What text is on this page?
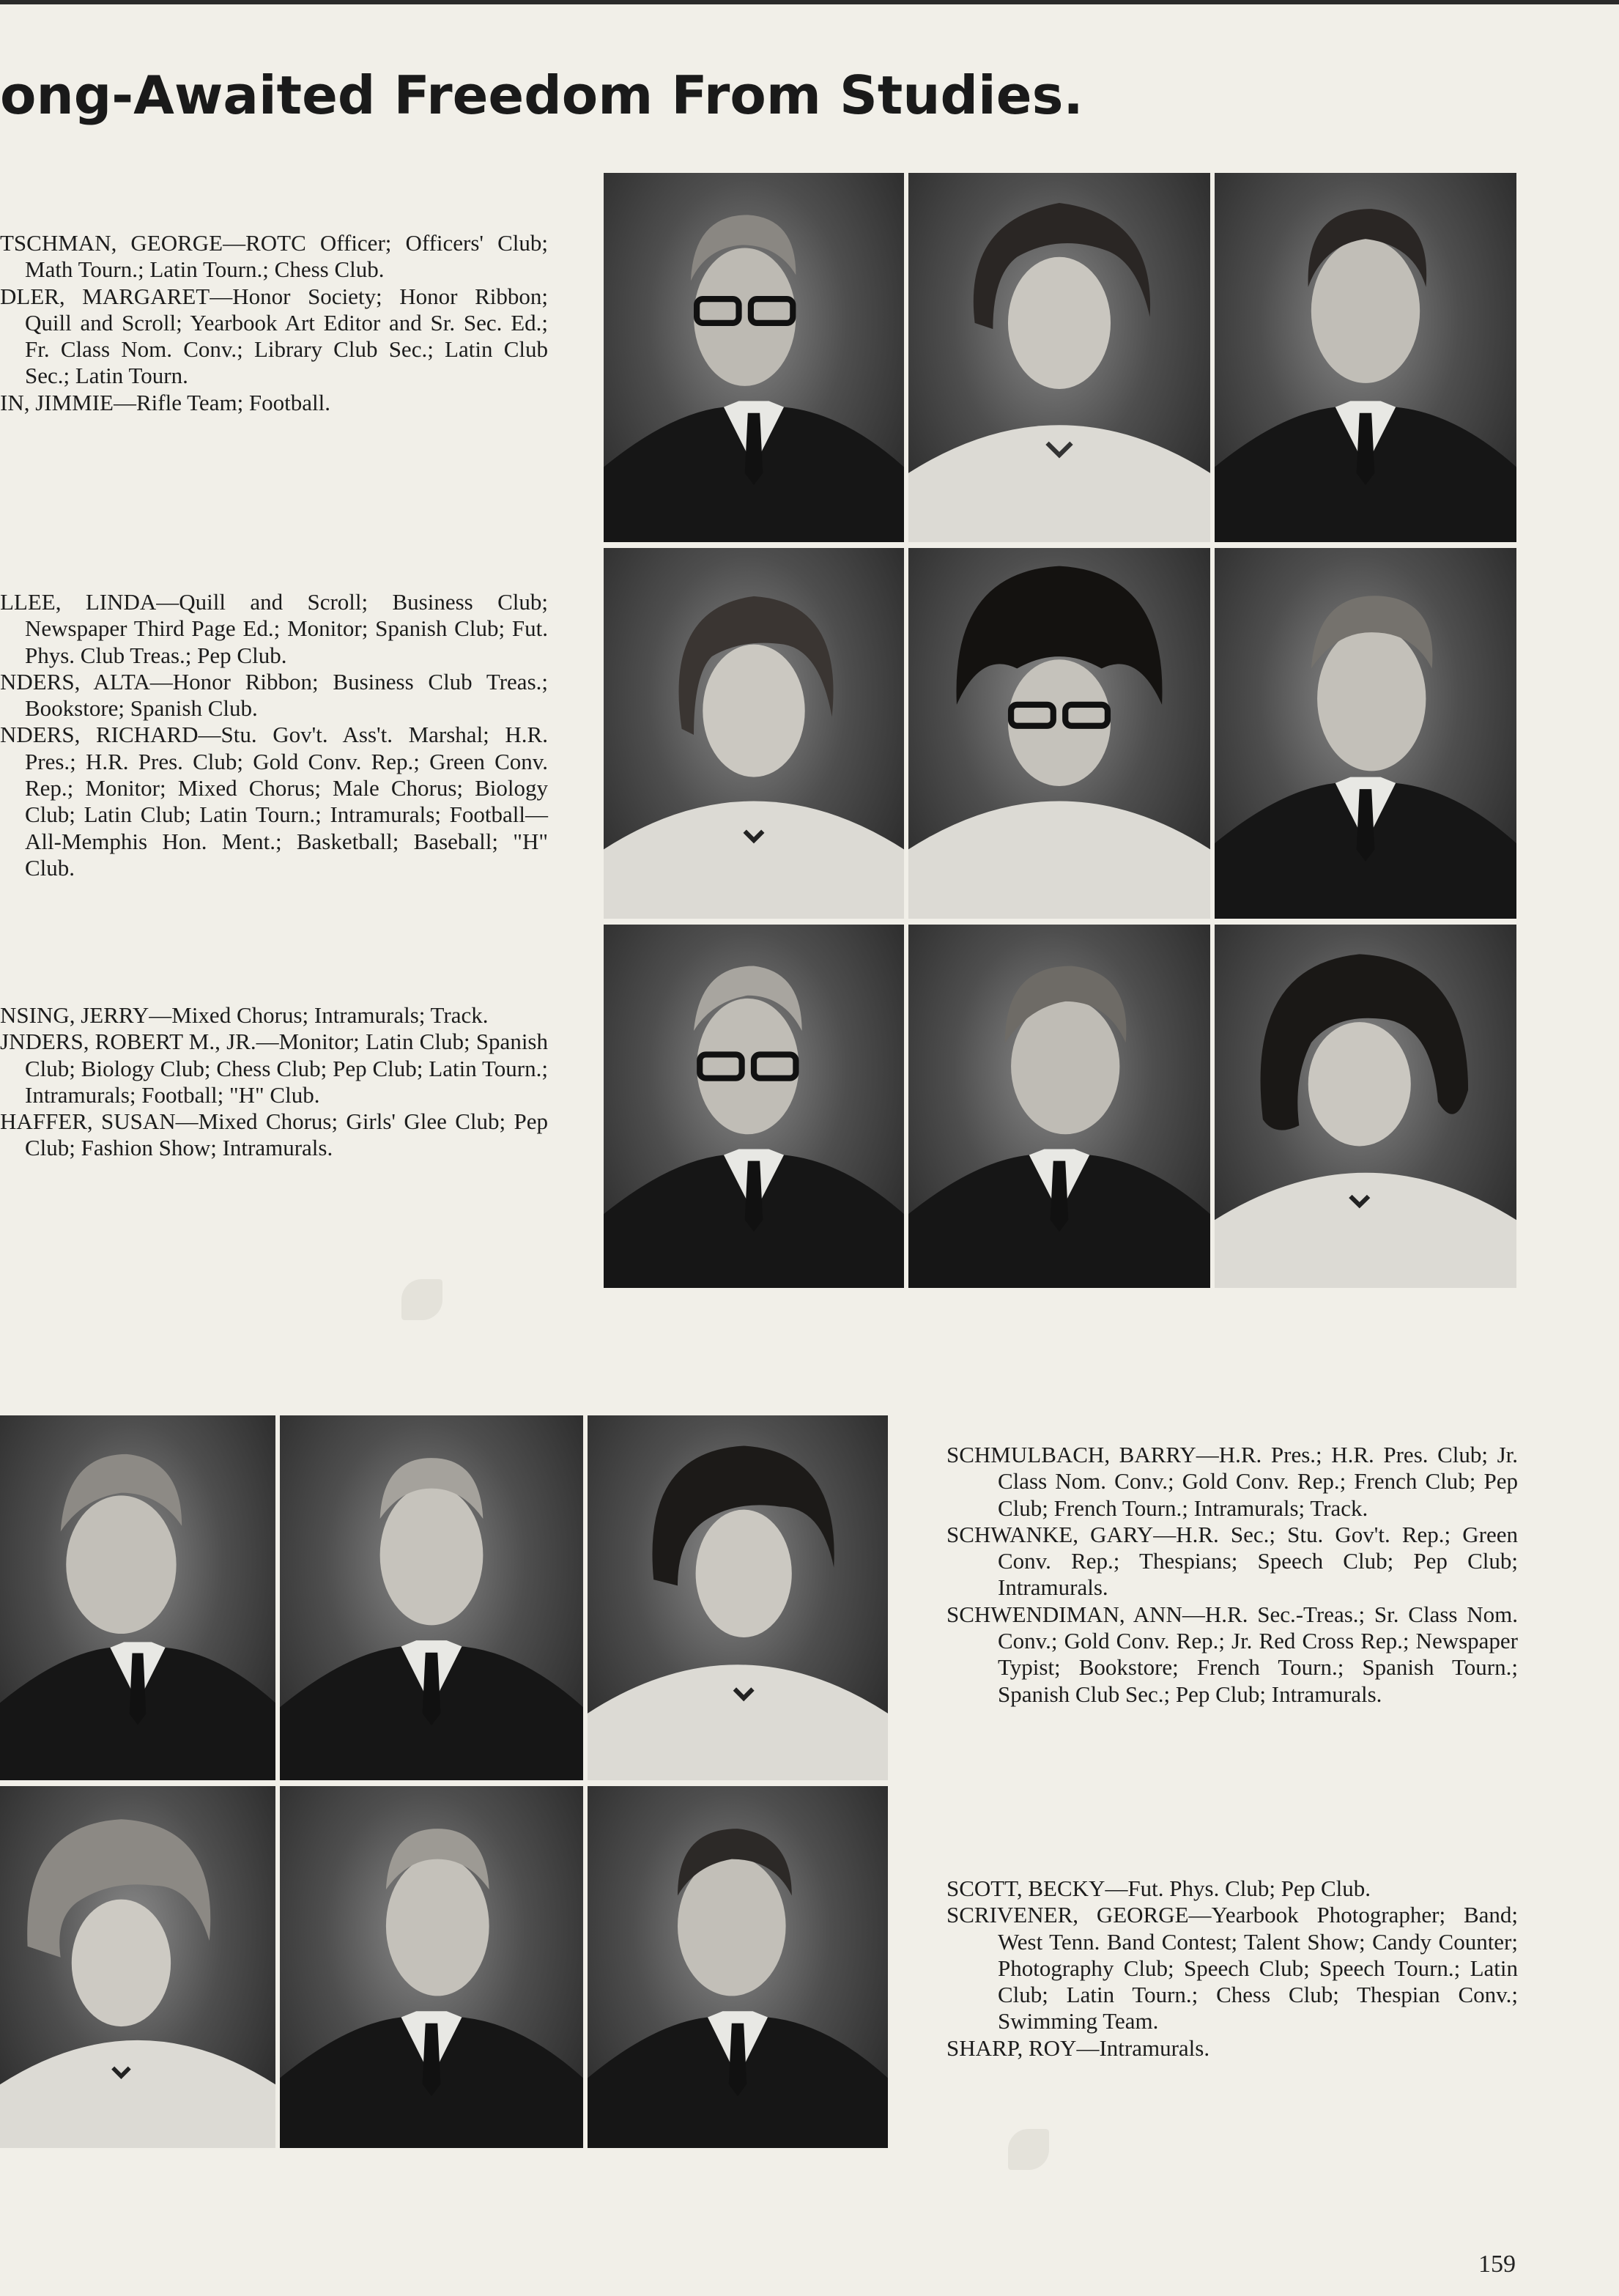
ong-Awaited Freedom From Studies.

TSCHMAN, GEORGE—ROTC Officer; Officers' Club; Math Tourn.; Latin Tourn.; Chess Club.

DLER, MARGARET—Honor Society; Honor Ribbon; Quill and Scroll; Yearbook Art Editor and Sr. Sec. Ed.; Fr. Class Nom. Conv.; Library Club Sec.; Latin Club Sec.; Latin Tourn.

IN, JIMMIE—Rifle Team; Football.

LLEE, LINDA—Quill and Scroll; Business Club; Newspaper Third Page Ed.; Monitor; Spanish Club; Fut. Phys. Club Treas.; Pep Club.

NDERS, ALTA—Honor Ribbon; Business Club Treas.; Bookstore; Spanish Club.

NDERS, RICHARD—Stu. Gov't. Ass't. Marshal; H.R. Pres.; H.R. Pres. Club; Gold Conv. Rep.; Green Conv. Rep.; Monitor; Mixed Chorus; Male Chorus; Biology Club; Latin Club; Latin Tourn.; Intramurals; Football—All-Memphis Hon. Ment.; Basketball; Baseball; "H" Club.

NSING, JERRY—Mixed Chorus; Intramurals; Track.

JNDERS, ROBERT M., JR.—Monitor; Latin Club; Spanish Club; Biology Club; Chess Club; Pep Club; Latin Tourn.; Intramurals; Football; "H" Club.

HAFFER, SUSAN—Mixed Chorus; Girls' Glee Club; Pep Club; Fashion Show; Intramurals.

SCHMULBACH, BARRY—H.R. Pres.; H.R. Pres. Club; Jr. Class Nom. Conv.; Gold Conv. Rep.; French Club; Pep Club; French Tourn.; Intramurals; Track.

SCHWANKE, GARY—H.R. Sec.; Stu. Gov't. Rep.; Green Conv. Rep.; Thespians; Speech Club; Pep Club; Intramurals.

SCHWENDIMAN, ANN—H.R. Sec.-Treas.; Sr. Class Nom. Conv.; Gold Conv. Rep.; Jr. Red Cross Rep.; Newspaper Typist; Bookstore; French Tourn.; Spanish Tourn.; Spanish Club Sec.; Pep Club; Intramurals.

SCOTT, BECKY—Fut. Phys. Club; Pep Club.

SCRIVENER, GEORGE—Yearbook Photographer; Band; West Tenn. Band Contest; Talent Show; Candy Counter; Photography Club; Speech Club; Speech Tourn.; Latin Club; Latin Tourn.; Chess Club; Thespian Conv.; Swimming Team.

SHARP, ROY—Intramurals.

159
